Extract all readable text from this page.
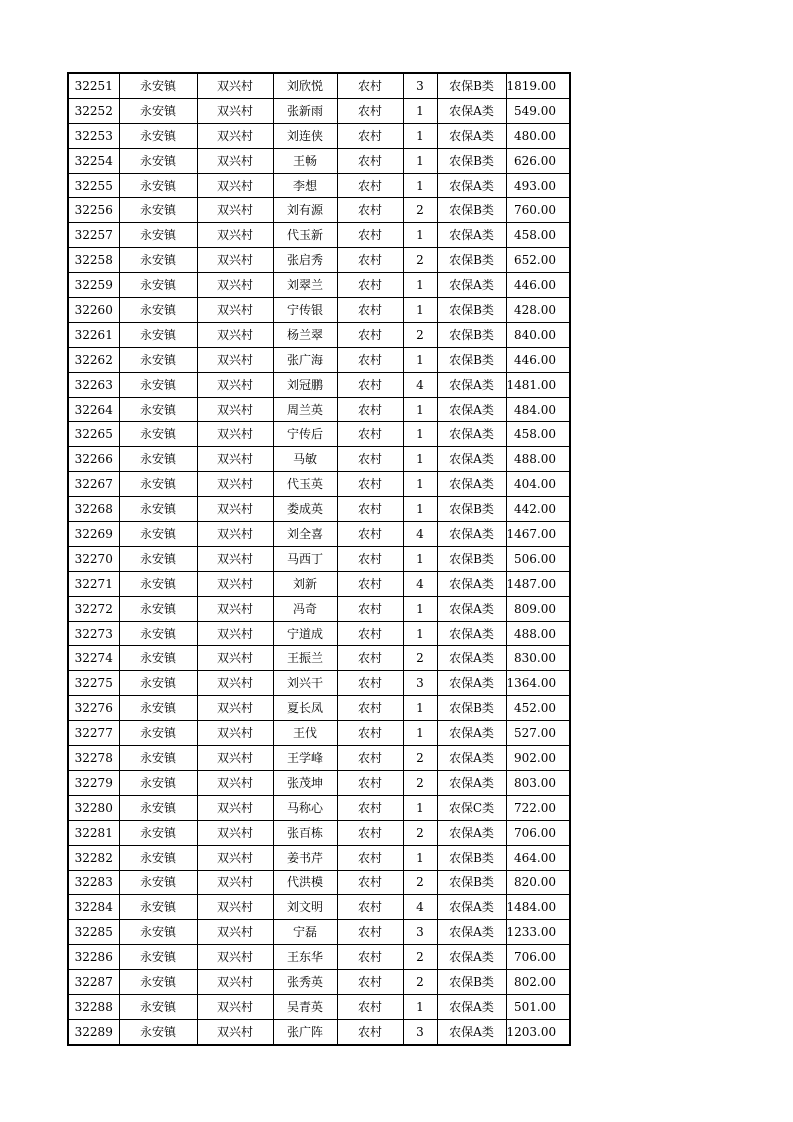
32251	永安镇	双兴村	刘欣悦	农村	3	农保B类	1819.00
32252	永安镇	双兴村	张新雨	农村	1	农保A类	549.00
32253	永安镇	双兴村	刘连侠	农村	1	农保A类	480.00
32254	永安镇	双兴村	王畅	农村	1	农保B类	626.00
32255	永安镇	双兴村	李想	农村	1	农保A类	493.00
32256	永安镇	双兴村	刘有源	农村	2	农保B类	760.00
32257	永安镇	双兴村	代玉新	农村	1	农保A类	458.00
32258	永安镇	双兴村	张启秀	农村	2	农保B类	652.00
32259	永安镇	双兴村	刘翠兰	农村	1	农保A类	446.00
32260	永安镇	双兴村	宁传银	农村	1	农保B类	428.00
32261	永安镇	双兴村	杨兰翠	农村	2	农保B类	840.00
32262	永安镇	双兴村	张广海	农村	1	农保B类	446.00
32263	永安镇	双兴村	刘冠鹏	农村	4	农保A类	1481.00
32264	永安镇	双兴村	周兰英	农村	1	农保A类	484.00
32265	永安镇	双兴村	宁传后	农村	1	农保A类	458.00
32266	永安镇	双兴村	马敏	农村	1	农保A类	488.00
32267	永安镇	双兴村	代玉英	农村	1	农保A类	404.00
32268	永安镇	双兴村	娄成英	农村	1	农保B类	442.00
32269	永安镇	双兴村	刘全喜	农村	4	农保A类	1467.00
32270	永安镇	双兴村	马西丁	农村	1	农保B类	506.00
32271	永安镇	双兴村	刘新	农村	4	农保A类	1487.00
32272	永安镇	双兴村	冯奇	农村	1	农保A类	809.00
32273	永安镇	双兴村	宁道成	农村	1	农保A类	488.00
32274	永安镇	双兴村	王振兰	农村	2	农保A类	830.00
32275	永安镇	双兴村	刘兴干	农村	3	农保A类	1364.00
32276	永安镇	双兴村	夏长凤	农村	1	农保B类	452.00
32277	永安镇	双兴村	王伐	农村	1	农保A类	527.00
32278	永安镇	双兴村	王学峰	农村	2	农保A类	902.00
32279	永安镇	双兴村	张茂坤	农村	2	农保A类	803.00
32280	永安镇	双兴村	马称心	农村	1	农保C类	722.00
32281	永安镇	双兴村	张百栋	农村	2	农保A类	706.00
32282	永安镇	双兴村	姜书芹	农村	1	农保B类	464.00
32283	永安镇	双兴村	代洪模	农村	2	农保B类	820.00
32284	永安镇	双兴村	刘文明	农村	4	农保A类	1484.00
32285	永安镇	双兴村	宁磊	农村	3	农保A类	1233.00
32286	永安镇	双兴村	王东华	农村	2	农保A类	706.00
32287	永安镇	双兴村	张秀英	农村	2	农保B类	802.00
32288	永安镇	双兴村	吴青英	农村	1	农保A类	501.00
32289	永安镇	双兴村	张广阵	农村	3	农保A类	1203.00
